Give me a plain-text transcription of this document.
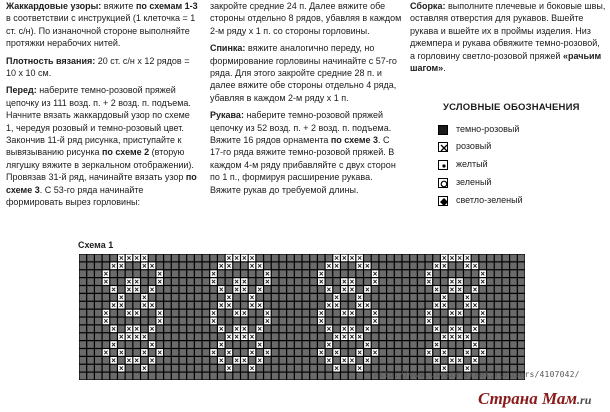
Жаккардовые узоры: вяжите по схемам 1-3 в соответствии с инструкцией (1 клеточка = 1 ст. с/н). По изнаночной стороне выполняйте протяжки нерабочих нитей.

Плотность вязания: 20 ст. с/н х 12 рядов = 10 х 10 см.

Перед: наберите темно-розовой пряжей цепочку из 111 возд. п. + 2 возд. п. подъема. Начните вязать жаккардовый узор по схеме 1, чередуя розовый и темно-розовый цвет. Закончив 11-й ряд рисунка, приступайте к вывязыванию рисунка по схеме 2 (вторую лягушку вяжите в зеркальном отображении). Провязав 31-й ряд, начинайте вязать узор по схеме 3. С 53-го ряда начинайте формировать вырез горловины:

закройте средние 24 п. Далее вяжите обе стороны отдельно 8 рядов, убавляя в каждом 2-м ряду х 1 п. со стороны горловины.

Спинка: вяжите аналогично переду, но формирование горловины начинайте с 57-го ряда. Для этого закройте средние 28 п. и далее вяжите обе стороны отдельно 4 ряда, убавляя в каждом 2-м ряду х 1 п.

Рукава: наберите темно-розовой пряжей цепочку из 52 возд. п. + 2 возд. п. подъема. Вяжите 16 рядов орнамента по схеме 3. С 17-го ряда вяжите темно-розовой пряжей. В каждом 4-м ряду прибавляйте с двух сторон по 1 п., формируя расширение рукава. Вяжите рукав до требуемой длины.

Сборка: выполните плечевые и боковые швы, оставляя отверстия для рукавов. Вшейте рукава и вшейте их в проймы изделия. Низ джемпера и рукава обвяжите темно-розовой, а горловину светло-розовой пряжей «рачьим шагом».

УСЛОВНЫЕ ОБОЗНАЧЕНИЯ
темно-розовый
розовый
желтый
зеленый
светло-зеленый
Схема 1
http://www.liveinternet.ru/users/4107042/
Страна Мам.ru
